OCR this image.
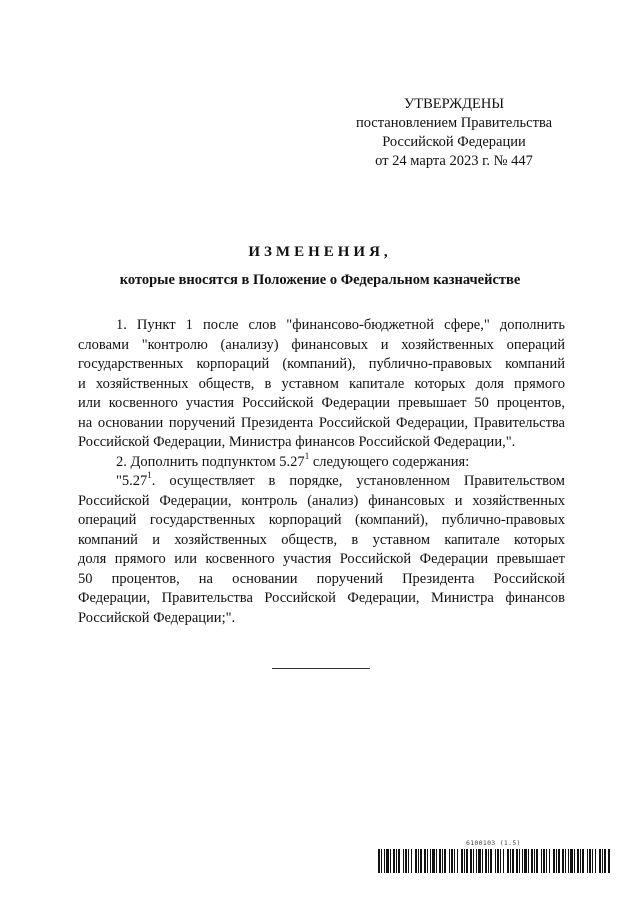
УТВЕРЖДЕНЫ
постановлением Правительства
Российской Федерации
от 24 марта 2023 г. № 447
ИЗМЕНЕНИЯ,
которые вносятся в Положение о Федеральном казначействе

1. Пункт 1 после слов "финансово-бюджетной сфере," дополнить
словами "контролю (анализу) финансовых и хозяйственных операций
государственных корпораций (компаний), публично-правовых компаний
и хозяйственных обществ, в уставном капитале которых доля прямого
или косвенного участия Российской Федерации превышает 50 процентов,
на основании поручений Президента Российской Федерации, Правительства
Российской Федерации, Министра финансов Российской Федерации,".

2. Дополнить подпунктом 5.27$^1$ следующего содержания:

"5.27$^1$. осуществляет в порядке, установленном Правительством
Российской Федерации, контроль (анализ) финансовых и хозяйственных
операций государственных корпораций (компаний), публично-правовых
компаний и хозяйственных обществ, в уставном капитале которых
доля прямого или косвенного участия Российской Федерации превышает
50 процентов, на основании поручений Президента Российской
Федерации, Правительства Российской Федерации, Министра финансов
Российской Федерации;".

6100103 (1.5)
